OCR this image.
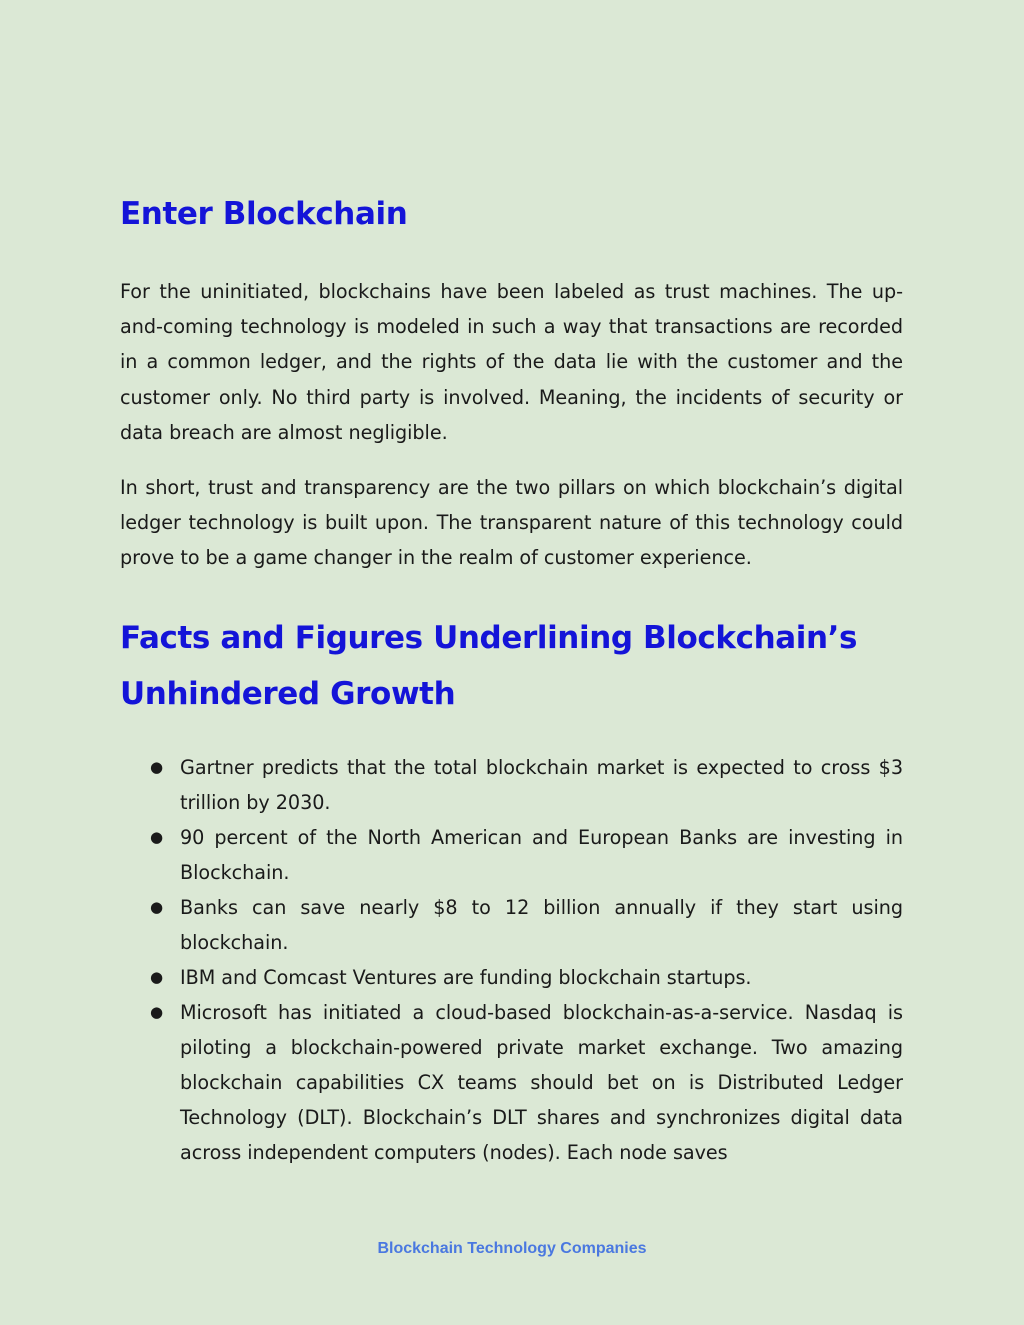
Enter Blockchain

For the uninitiated, blockchains have been labeled as trust machines. The up-and-coming technology is modeled in such a way that transactions are recorded in a common ledger, and the rights of the data lie with the customer and the customer only. No third party is involved. Meaning, the incidents of security or data breach are almost negligible.

In short, trust and transparency are the two pillars on which blockchain’s digital ledger technology is built upon. The transparent nature of this technology could prove to be a game changer in the realm of customer experience.

Facts and Figures Underlining Blockchain’s
Unhindered Growth
● Gartner predicts that the total blockchain market is expected to cross $3 trillion by 2030.
● 90 percent of the North American and European Banks are investing in Blockchain.
● Banks can save nearly $8 to 12 billion annually if they start using blockchain.
● IBM and Comcast Ventures are funding blockchain startups.
● Microsoft has initiated a cloud-based blockchain-as-a-service. Nasdaq is piloting a blockchain-powered private market exchange. Two amazing blockchain capabilities CX teams should bet on is Distributed Ledger Technology (DLT). Blockchain’s DLT shares and synchronizes digital data across independent computers (nodes). Each node saves
Blockchain Technology Companies
